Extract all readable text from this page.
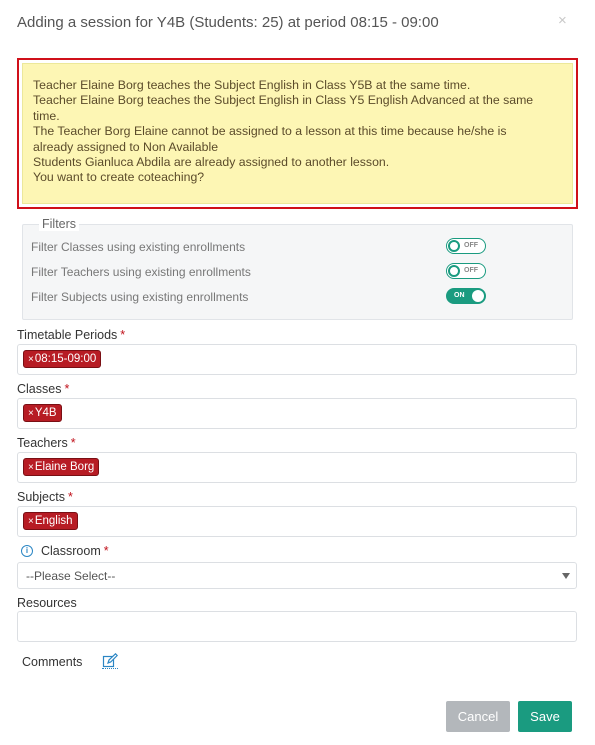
Adding a session for Y4B (Students: 25) at period 08:15 - 09:00	×
Teacher Elaine Borg teaches the Subject English in Class Y5B at the same time.
Teacher Elaine Borg teaches the Subject English in Class Y5 English Advanced at the same
time.
The Teacher Borg Elaine cannot be assigned to a lesson at this time because he/she is
already assigned to Non Available
Students Gianluca Abdila are already assigned to another lesson.
You want to create coteaching?
Filters
Filter Classes using existing enrollments	OFF
Filter Teachers using existing enrollments	OFF
Filter Subjects using existing enrollments	ON
Timetable Periods *
×08:15-09:00
Classes *
×Y4B
Teachers *
×Elaine Borg
Subjects *
×English
i	Classroom *
--Please Select--
Resources
Comments
Cancel	Save
